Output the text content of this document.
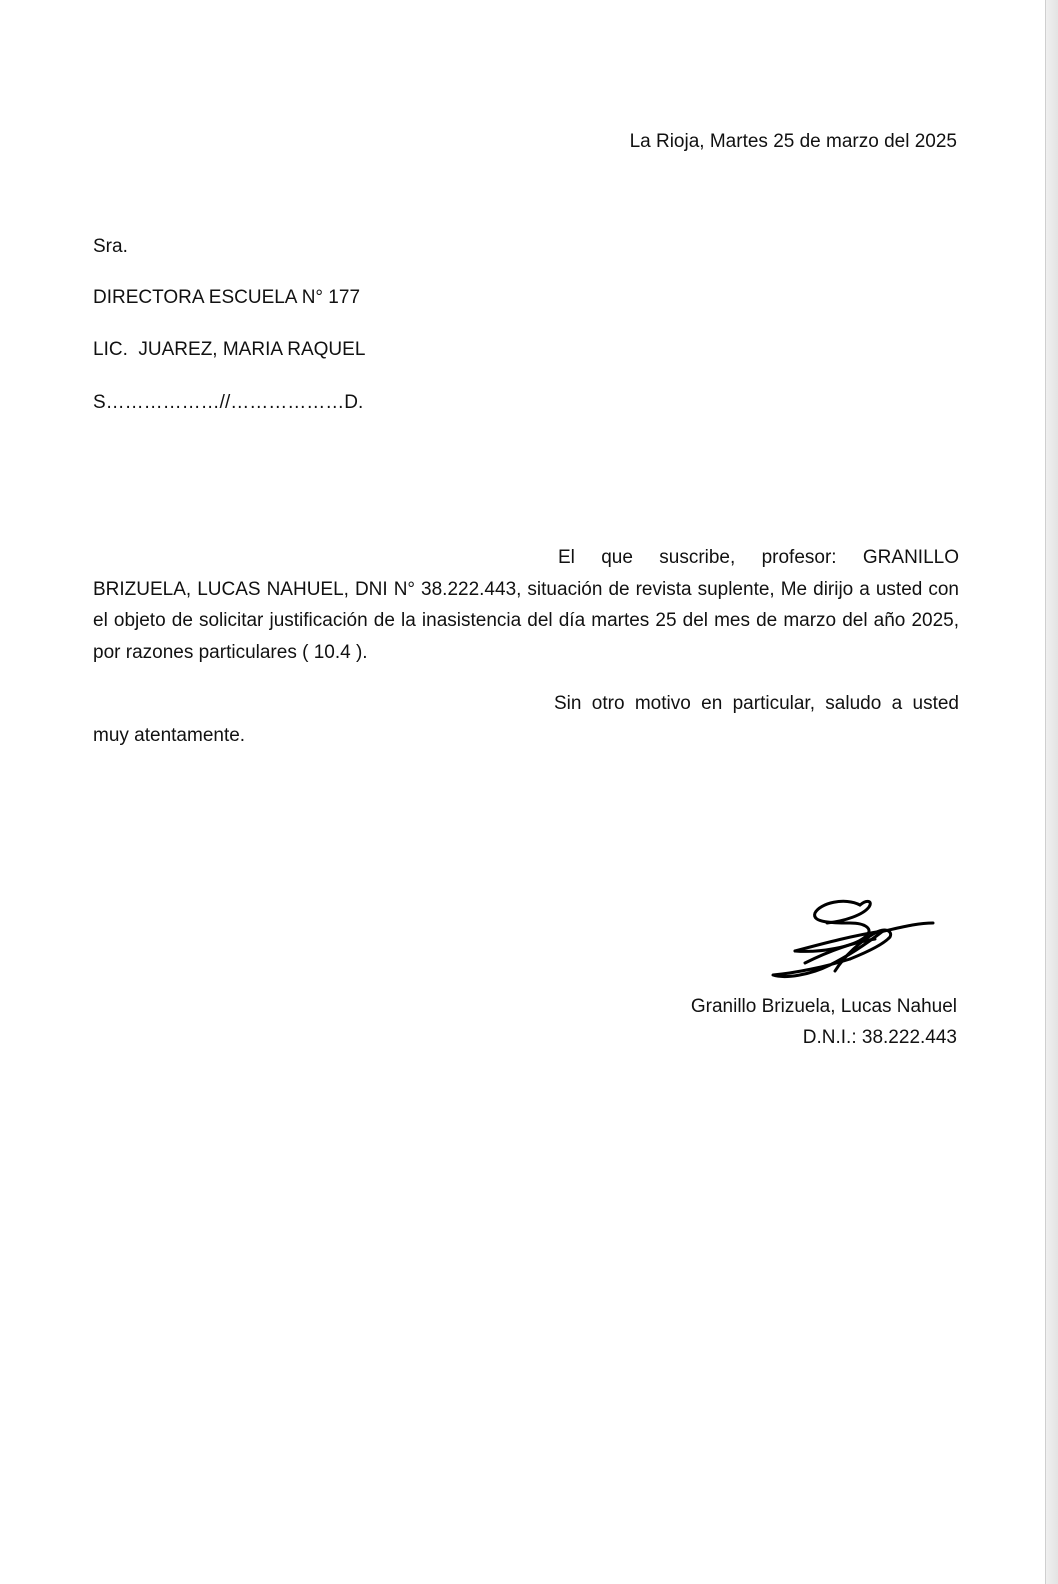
La Rioja, Martes 25 de marzo del 2025
Sra.
DIRECTORA ESCUELA N° 177
LIC.  JUAREZ, MARIA RAQUEL
S………………//………………D.
El que suscribe, profesor: GRANILLO BRIZUELA, LUCAS NAHUEL, DNI N° 38.222.443, situación de revista suplente, Me dirijo a usted con el objeto de solicitar justificación de la inasistencia del día martes 25 del mes de marzo del año 2025, por razones particulares ( 10.4 ).
Sin otro motivo en particular, saludo a usted muy atentamente.
Granillo Brizuela, Lucas Nahuel
D.N.I.: 38.222.443
